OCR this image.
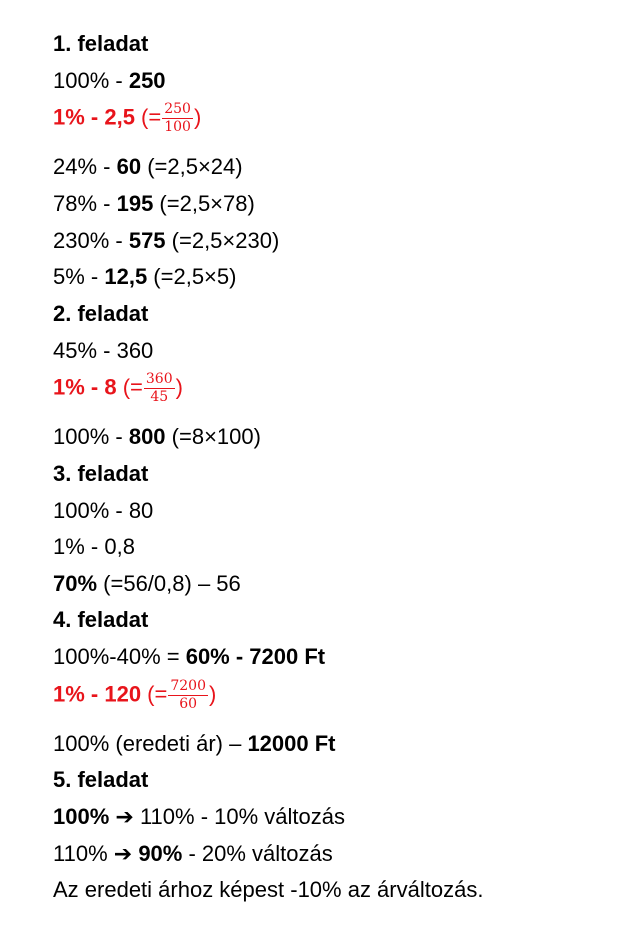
1. feladat
100% - 250
1% - 2,5 (= $\frac{250}{100}$ )
24% - 60 (=2,5×24)
78% - 195 (=2,5×78)
230% - 575 (=2,5×230)
5% - 12,5 (=2,5×5)
2. feladat
45% - 360
1% - 8 (= $\frac{360}{45}$ )
100% - 800 (=8×100)
3. feladat
100% - 80
1% - 0,8
70% (=56/0,8) – 56
4. feladat
100%-40% = 60% - 7200 Ft
1% - 120 (= $\frac{7200}{60}$ )
100% (eredeti ár) – 12000 Ft
5. feladat
100% ➔ 110% - 10% változás
110% ➔ 90% - 20% változás
Az eredeti árhoz képest -10% az árváltozás.
